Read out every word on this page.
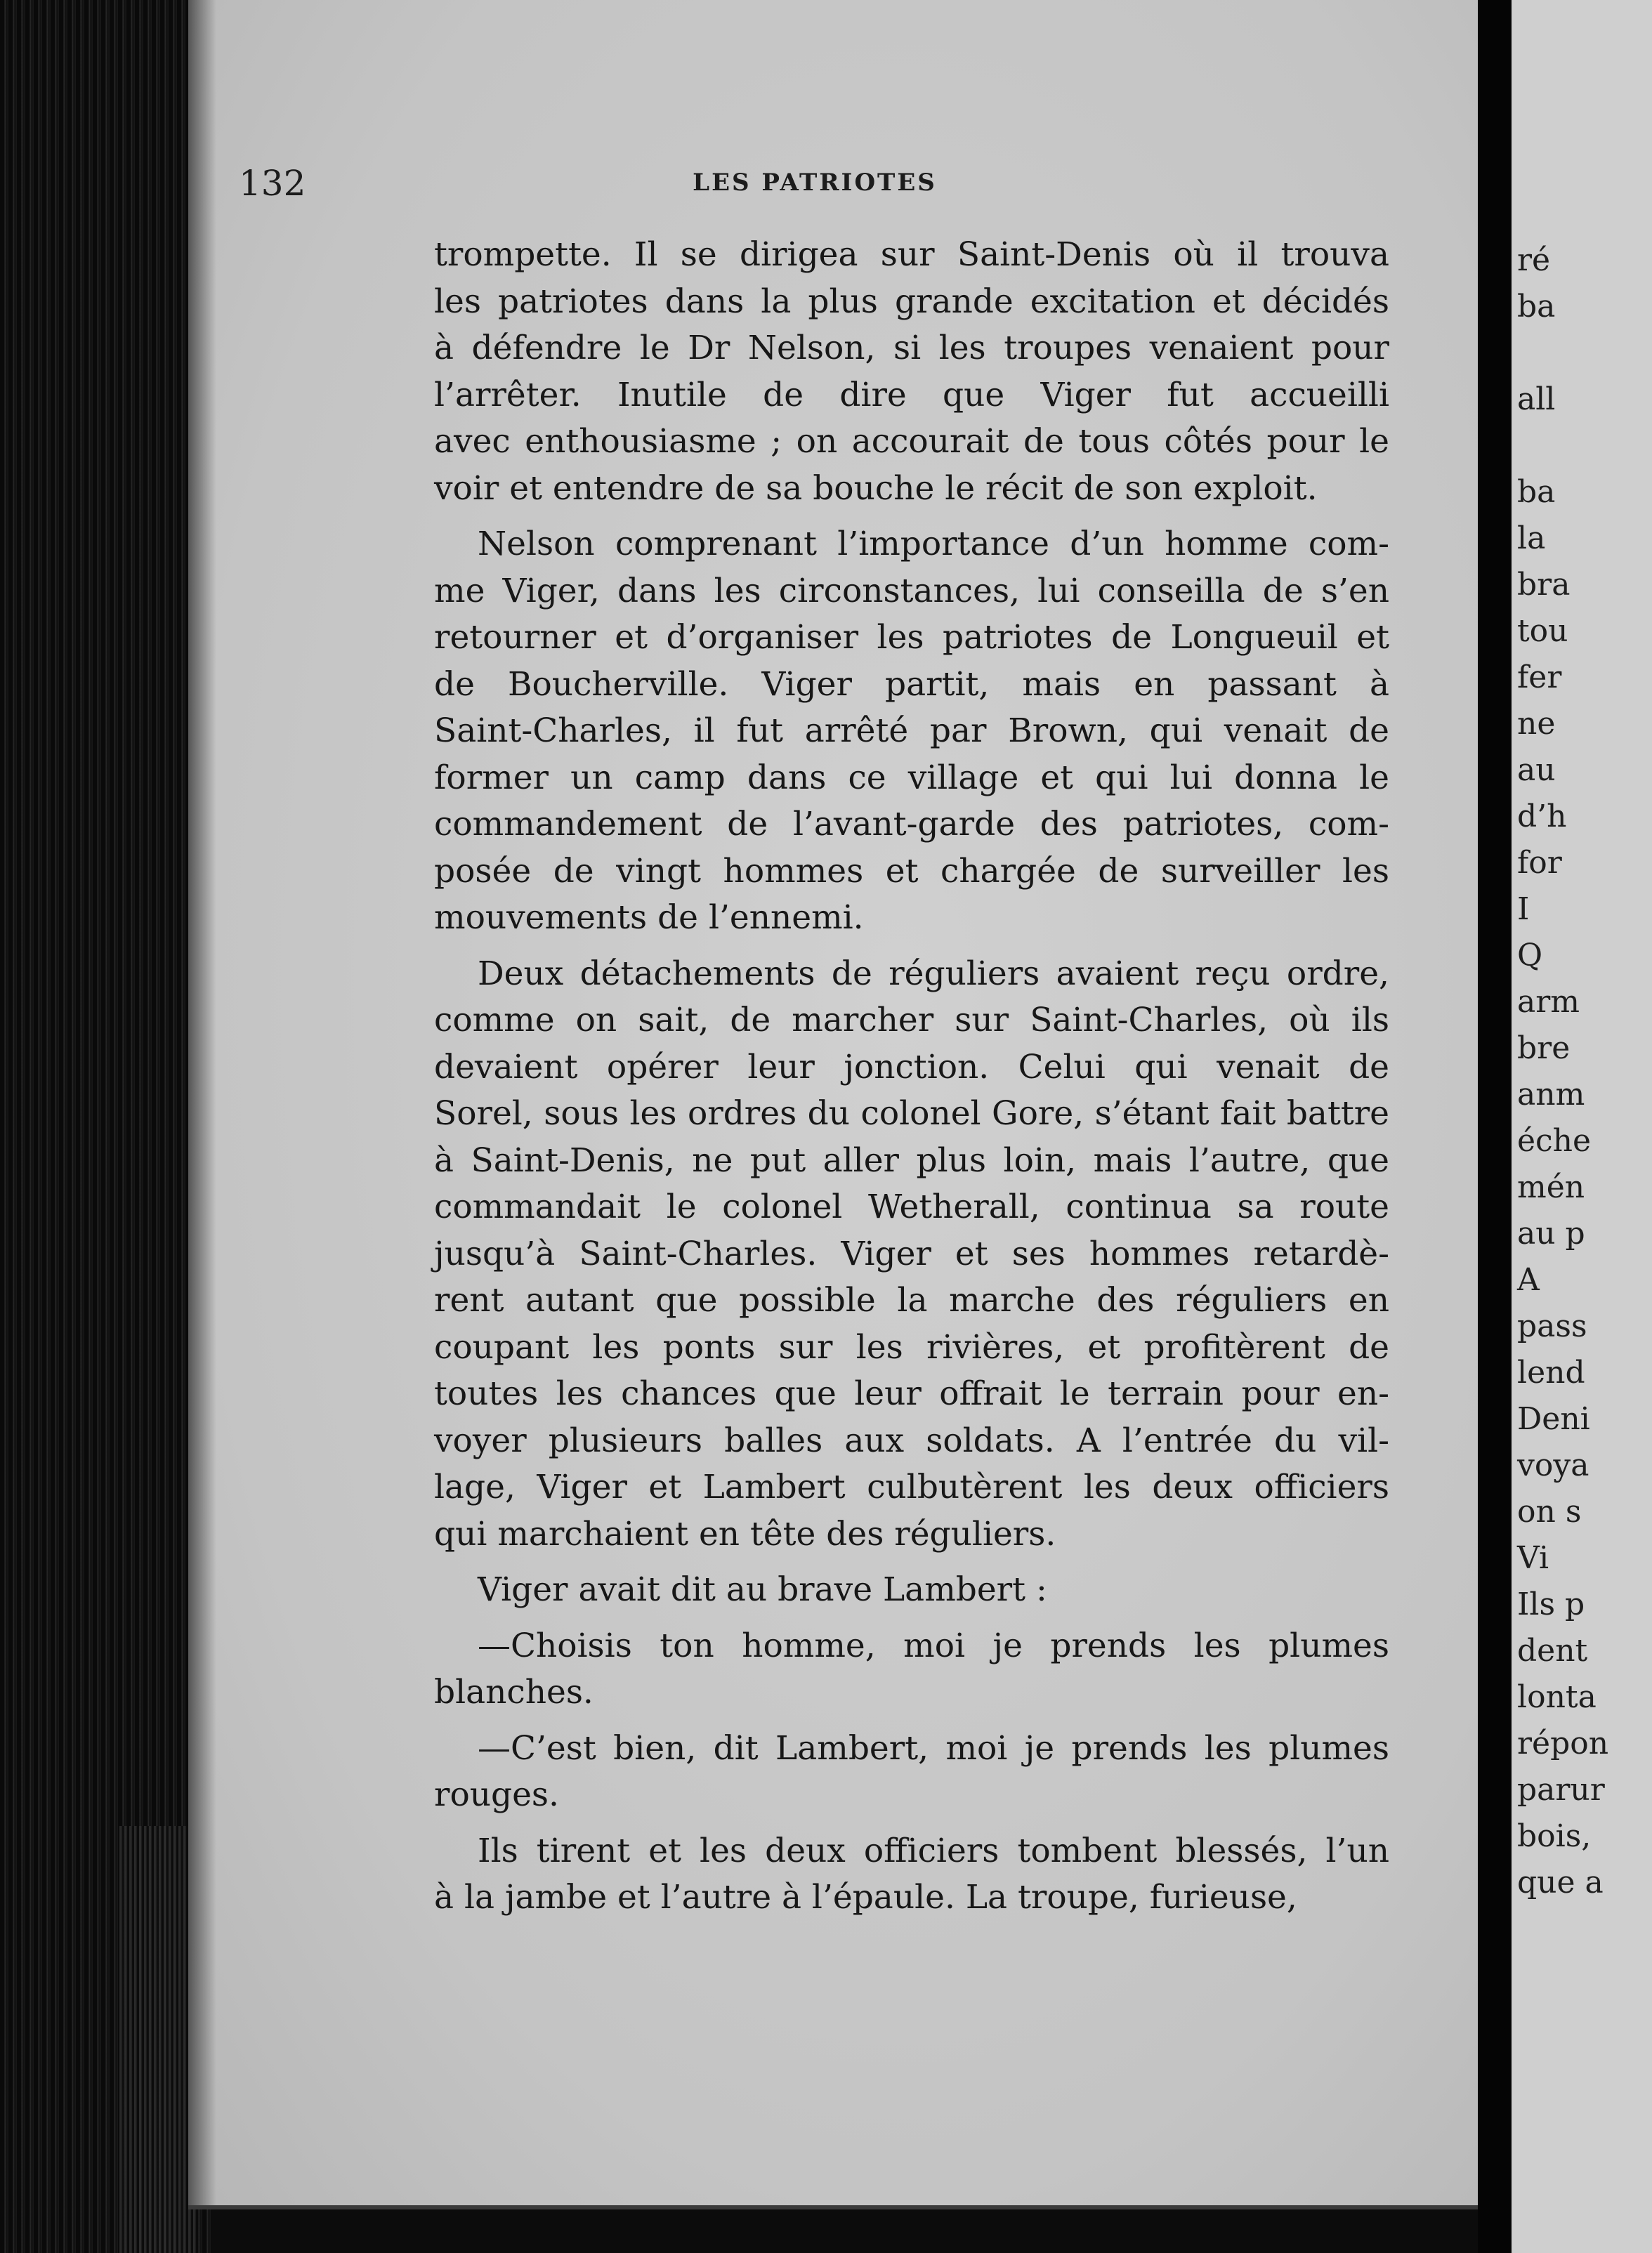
ré
ba
all
ba
la
bra
tou
fer
ne
au
d’h
for
I
Q
arm
bre
anm
éche
mén
au p
A
pass
lend
Deni
voya
on s
Vi
Ils p
dent
lonta
répon
parur
bois,
que a
132	LES PATRIOTES
trompette. Il se dirigea sur Saint-Denis où il trouva
les patriotes dans la plus grande excitation et décidés
à défendre le Dr Nelson, si les troupes venaient pour
l’arrêter. Inutile de dire que Viger fut accueilli
avec enthousiasme ; on accourait de tous côtés pour le
voir et entendre de sa bouche le récit de son exploit.
Nelson comprenant l’importance d’un homme com-
me Viger, dans les circonstances, lui conseilla de s’en
retourner et d’organiser les patriotes de Longueuil et
de Boucherville. Viger partit, mais en passant à
Saint-Charles, il fut arrêté par Brown, qui venait de
former un camp dans ce village et qui lui donna le
commandement de l’avant-garde des patriotes, com-
posée de vingt hommes et chargée de surveiller les
mouvements de l’ennemi.
Deux détachements de réguliers avaient reçu ordre,
comme on sait, de marcher sur Saint-Charles, où ils
devaient opérer leur jonction. Celui qui venait de
Sorel, sous les ordres du colonel Gore, s’étant fait battre
à Saint-Denis, ne put aller plus loin, mais l’autre, que
commandait le colonel Wetherall, continua sa route
jusqu’à Saint-Charles. Viger et ses hommes retardè-
rent autant que possible la marche des réguliers en
coupant les ponts sur les rivières, et profitèrent de
toutes les chances que leur offrait le terrain pour en-
voyer plusieurs balles aux soldats. A l’entrée du vil-
lage, Viger et Lambert culbutèrent les deux officiers
qui marchaient en tête des réguliers.
Viger avait dit au brave Lambert :
—Choisis ton homme, moi je prends les plumes
blanches.
—C’est bien, dit Lambert, moi je prends les plumes
rouges.
Ils tirent et les deux officiers tombent blessés, l’un
à la jambe et l’autre à l’épaule. La troupe, furieuse,
